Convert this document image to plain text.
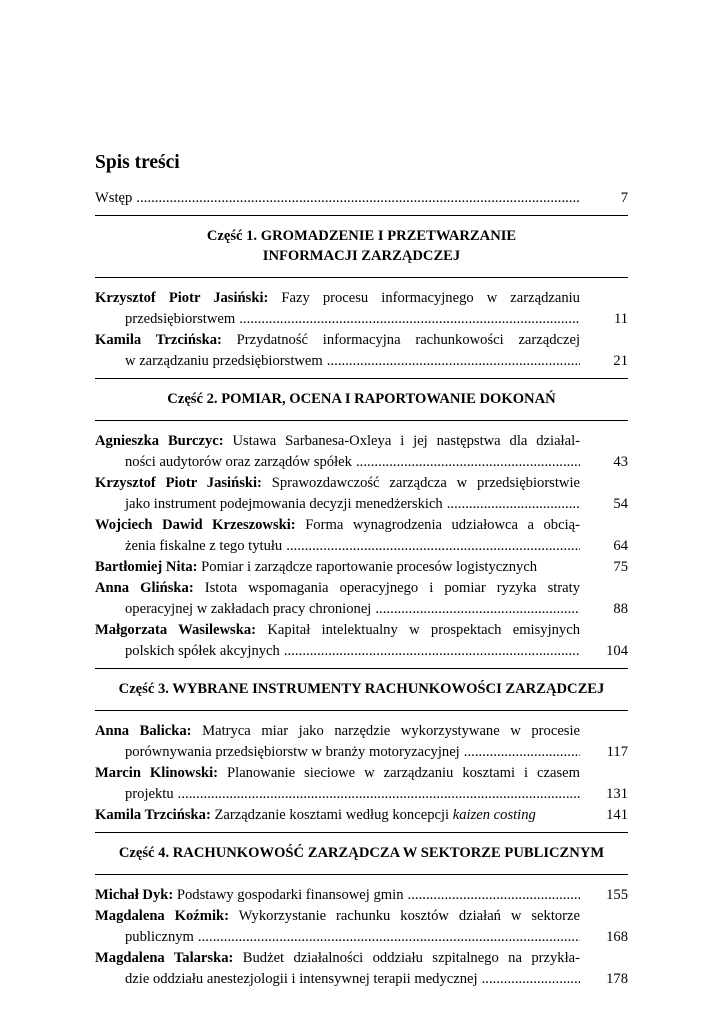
Spis treści
Wstęp . . .	7
Część 1. GROMADZENIE I PRZETWARZANIE
INFORMACJI ZARZĄDCZEJ
Krzysztof Piotr Jasiński: Fazy procesu informacyjnego w zarządzaniu
przedsiębiorstwem . . .	11
Kamila Trzcińska: Przydatność informacyjna rachunkowości zarządczej
w zarządzaniu przedsiębiorstwem . . .	21
Część 2. POMIAR, OCENA I RAPORTOWANIE DOKONAŃ
Agnieszka Burczyc: Ustawa Sarbanesa-Oxleya i jej następstwa dla działal-
ności audytorów oraz zarządów spółek . . .	43
Krzysztof Piotr Jasiński: Sprawozdawczość zarządcza w przedsiębiorstwie
jako instrument podejmowania decyzji menedżerskich . . .	54
Wojciech Dawid Krzeszowski: Forma wynagrodzenia udziałowca a obcią-
żenia fiskalne z tego tytułu . . .	64
Bartłomiej Nita: Pomiar i zarządcze raportowanie procesów logistycznych	75
Anna Glińska: Istota wspomagania operacyjnego i pomiar ryzyka straty
operacyjnej w zakładach pracy chronionej . . .	88
Małgorzata Wasilewska: Kapitał intelektualny w prospektach emisyjnych
polskich spółek akcyjnych . . .	104
Część 3. WYBRANE INSTRUMENTY RACHUNKOWOŚCI ZARZĄDCZEJ
Anna Balicka: Matryca miar jako narzędzie wykorzystywane w procesie
porównywania przedsiębiorstw w branży motoryzacyjnej . . .	117
Marcin Klinowski: Planowanie sieciowe w zarządzaniu kosztami i czasem
projektu . . .	131
Kamila Trzcińska: Zarządzanie kosztami według koncepcji kaizen costing	141
Część 4. RACHUNKOWOŚĆ ZARZĄDCZA W SEKTORZE PUBLICZNYM
Michał Dyk: Podstawy gospodarki finansowej gmin . . .	155
Magdalena Koźmik: Wykorzystanie rachunku kosztów działań w sektorze
publicznym . . .	168
Magdalena Talarska: Budżet działalności oddziału szpitalnego na przykła-
dzie oddziału anestezjologii i intensywnej terapii medycznej . . .	178
